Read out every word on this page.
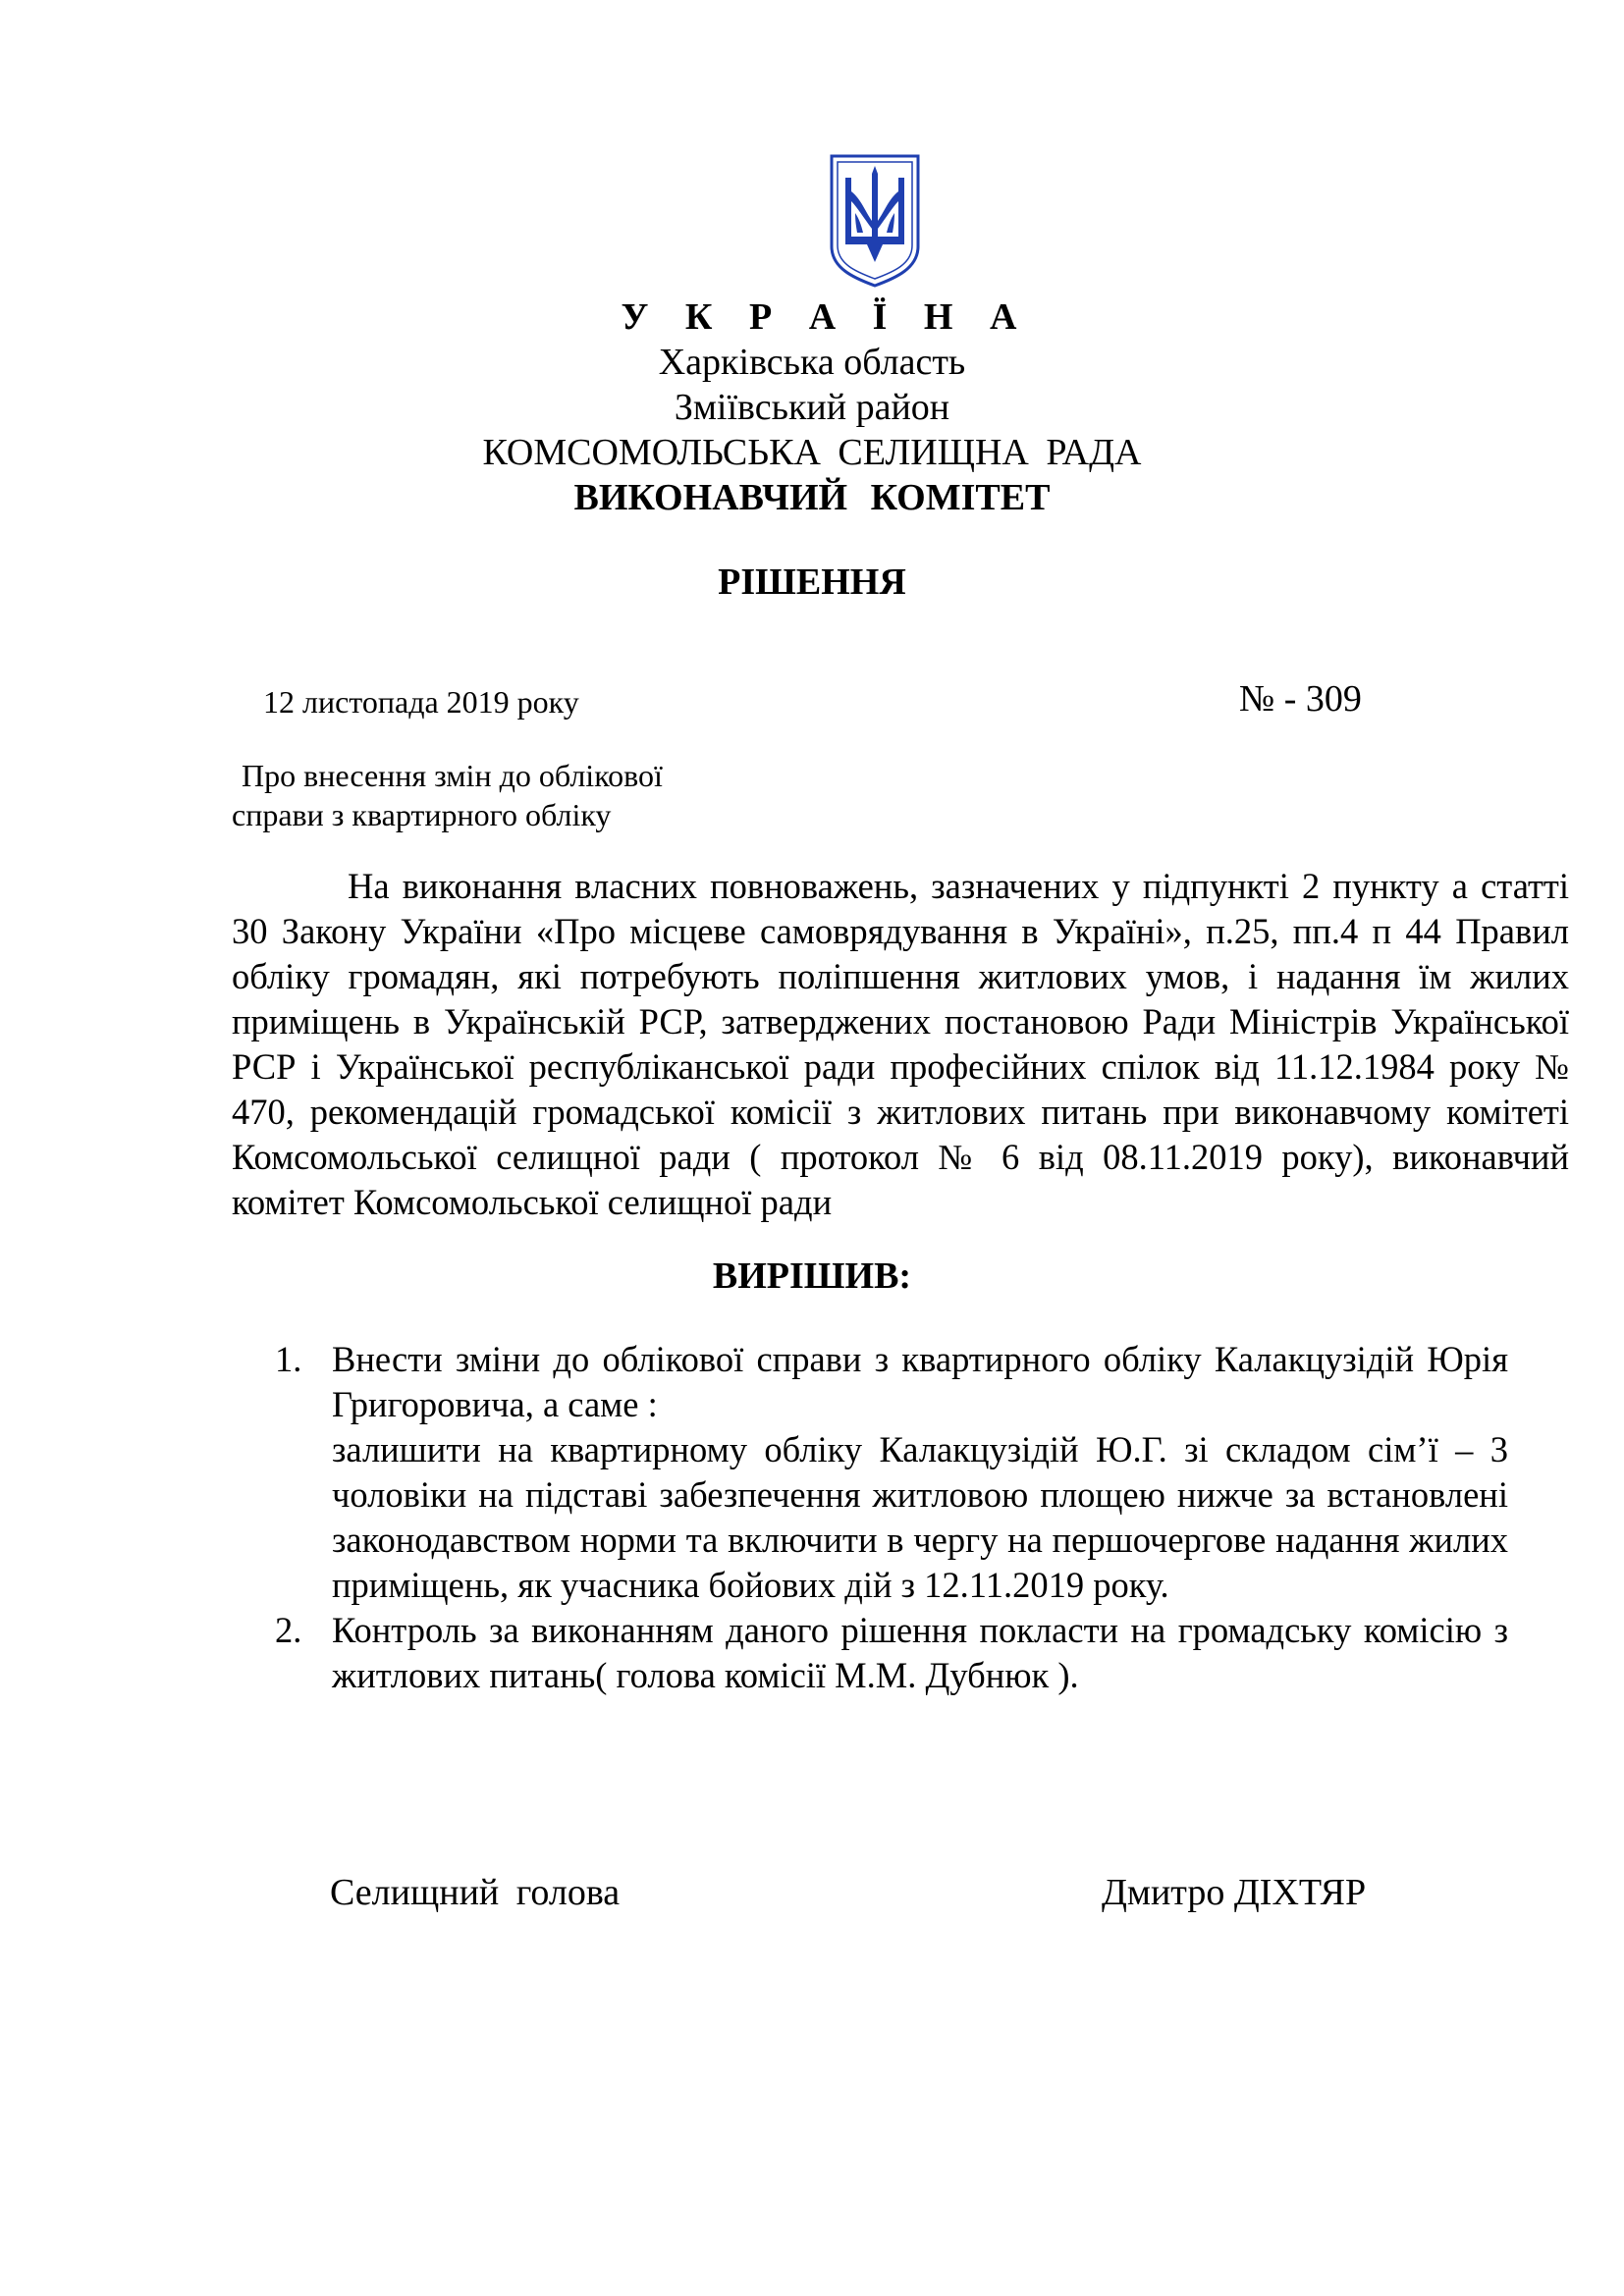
У К Р А Ї Н А
Харківська область
Зміївський район
КОМСОМОЛЬСЬКА СЕЛИЩНА РАДА
ВИКОНАВЧИЙ КОМІТЕТ
РІШЕННЯ
12 листопада 2019 року	№ - 309
Про внесення змін до облікової
справи з квартирного обліку
На виконання власних повноважень, зазначених у підпункті 2 пункту а статті 30 Закону України «Про місцеве самоврядування в Україні», п.25, пп.4 п 44 Правил обліку громадян, які потребують поліпшення житлових умов, і надання їм жилих приміщень в Українській РСР, затверджених постановою Ради Міністрів Української РСР і Української республіканської ради професійних спілок від 11.12.1984 року № 470, рекомендацій громадської комісії з житлових питань при виконавчому комітеті Комсомольської селищної ради ( протокол № 6 від 08.11.2019 року), виконавчий комітет Комсомольської селищної ради
ВИРІШИВ:
1. Внести зміни до облікової справи з квартирного обліку Калакцузідій Юрія Григоровича, а саме :

залишити на квартирному обліку Калакцузідій Ю.Г. зі складом сім’ї – 3 чоловіки на підставі забезпечення житловою площею нижче за встановлені законодавством норми та включити в чергу на першочергове надання жилих приміщень, як учасника бойових дій з 12.11.2019 року.

2. Контроль за виконанням даного рішення покласти на громадську комісію з житлових питань( голова комісії М.М. Дубнюк ).

Селищний голова	Дмитро ДІХТЯР
